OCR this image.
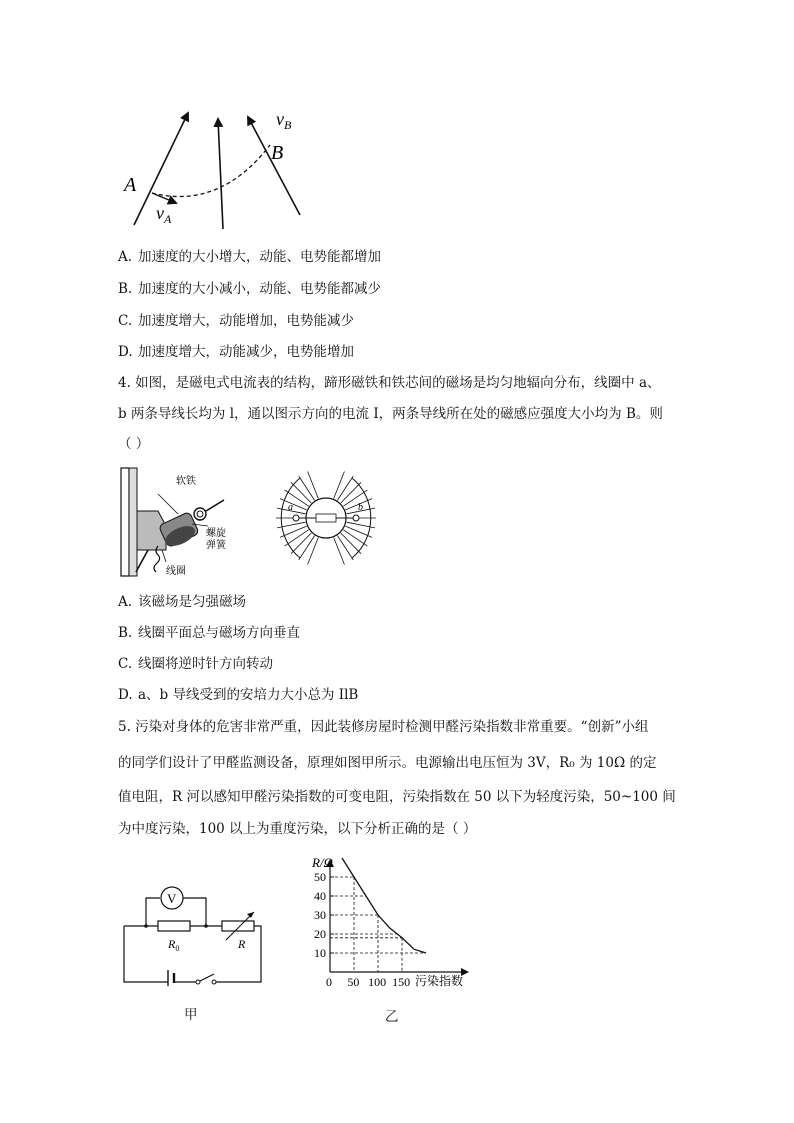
A
B
$v_A$
$v_B$
A. 加速度的大小增大，动能、电势能都增加
B. 加速度的大小减小，动能、电势能都减少
C. 加速度增大，动能增加，电势能减少
D. 加速度增大，动能减少，电势能增加
4. 如图，是磁电式电流表的结构，蹄形磁铁和铁芯间的磁场是均匀地辐向分布，线圈中 a、
b 两条导线长均为 l，通以图示方向的电流 I，两条导线所在处的磁感应强度大小均为 B。则
（ ）
软铁
螺旋
弹簧
线圈
a	b
A. 该磁场是匀强磁场
B. 线圈平面总与磁场方向垂直
C. 线圈将逆时针方向转动
D. a、b 导线受到的安培力大小总为 IlB
5. 污染对身体的危害非常严重，因此装修房屋时检测甲醛污染指数非常重要。“创新”小组
的同学们设计了甲醛监测设备，原理如图甲所示。电源输出电压恒为 3V，R₀ 为 10Ω 的定
值电阻，R 河以感知甲醛污染指数的可变电阻，污染指数在 50 以下为轻度污染，50~100 间
为中度污染，100 以上为重度污染，以下分析正确的是（ ）
V
$R_0$	R
甲
R/Ω
污染指数
0 50 100 150
10
20
30
40
50
乙
